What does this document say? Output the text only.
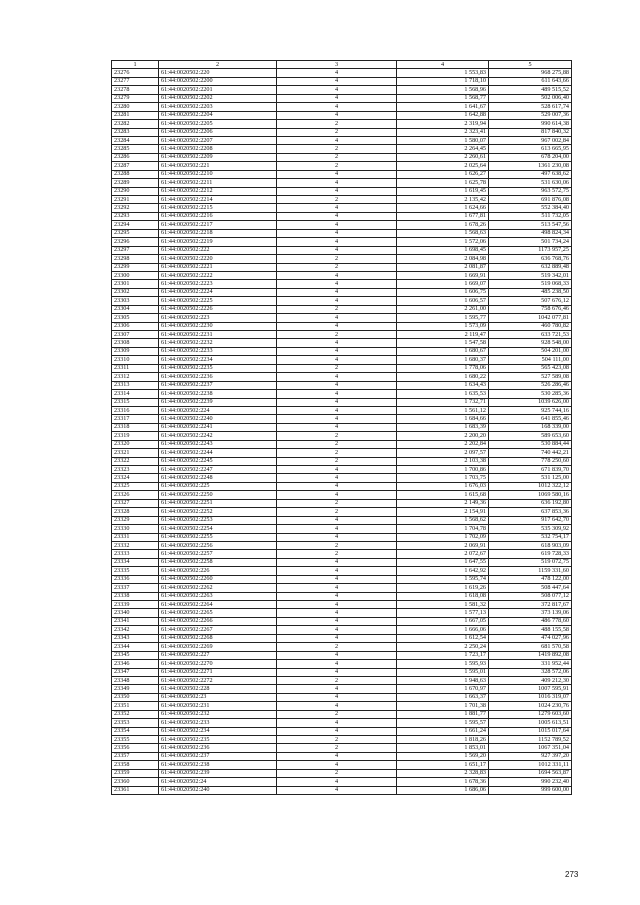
1	2	3	4	5
23276	61:44:0020502:220	4	1 553,83	968 275,88
23277	61:44:0020502:2200	4	1 718,10	611 643,66
23278	61:44:0020502:2201	4	1 568,96	489 515,52
23279	61:44:0020502:2202	4	1 568,77	502 006,40
23280	61:44:0020502:2203	4	1 641,67	528 617,74
23281	61:44:0020502:2204	4	1 642,88	529 007,36
23282	61:44:0020502:2205	2	2 319,94	990 614,38
23283	61:44:0020502:2206	2	2 323,41	817 840,32
23284	61:44:0020502:2207	4	1 580,07	967 002,84
23285	61:44:0020502:2208	2	2 264,45	613 665,95
23286	61:44:0020502:2209	2	2 260,61	678 204,00
23287	61:44:0020502:221	2	2 025,64	1361 230,08
23288	61:44:0020502:2210	4	1 626,27	497 638,62
23289	61:44:0020502:2211	4	1 625,78	531 630,06
23290	61:44:0020502:2212	4	1 619,45	963 572,75
23291	61:44:0020502:2214	2	2 135,42	691 876,08
23292	61:44:0020502:2215	4	1 624,66	552 384,40
23293	61:44:0020502:2216	4	1 677,81	511 732,05
23294	61:44:0020502:2217	4	1 678,26	513 547,56
23295	61:44:0020502:2218	4	1 568,63	498 824,34
23296	61:44:0020502:2219	4	1 572,06	501 734,24
23297	61:44:0020502:222	4	1 698,45	1173 957,25
23298	61:44:0020502:2220	2	2 084,98	636 768,76
23299	61:44:0020502:2221	2	2 081,87	632 889,48
23300	61:44:0020502:2222	4	1 669,91	519 342,01
23301	61:44:0020502:2223	4	1 669,07	519 068,33
23302	61:44:0020502:2224	4	1 606,75	485 238,50
23303	61:44:0020502:2225	4	1 606,57	507 676,12
23304	61:44:0020502:2226	2	2 261,00	758 676,46
23305	61:44:0020502:223	4	1 595,77	1042 077,81
23306	61:44:0020502:2230	4	1 573,09	460 780,82
23307	61:44:0020502:2231	2	2 119,47	633 721,53
23308	61:44:0020502:2232	4	1 547,58	928 548,00
23309	61:44:0020502:2233	4	1 680,67	504 201,00
23310	61:44:0020502:2234	4	1 680,37	504 111,00
23311	61:44:0020502:2235	2	1 778,06	565 423,08
23312	61:44:0020502:2236	4	1 680,22	527 589,08
23313	61:44:0020502:2237	4	1 634,43	526 286,46
23314	61:44:0020502:2238	4	1 635,53	530 285,36
23315	61:44:0020502:2239	4	1 732,71	1039 626,00
23316	61:44:0020502:224	4	1 561,12	925 744,16
23317	61:44:0020502:2240	4	1 684,66	641 855,46
23318	61:44:0020502:2241	4	1 683,39	168 339,00
23319	61:44:0020502:2242	2	2 200,20	589 653,60
23320	61:44:0020502:2243	2	2 202,84	530 884,44
23321	61:44:0020502:2244	2	2 097,57	740 442,21
23322	61:44:0020502:2245	2	2 103,38	778 250,60
23323	61:44:0020502:2247	4	1 700,86	671 839,70
23324	61:44:0020502:2248	4	1 703,75	531 125,00
23325	61:44:0020502:225	4	1 676,03	1012 322,12
23326	61:44:0020502:2250	4	1 615,68	1069 580,16
23327	61:44:0020502:2251	2	2 149,36	636 192,80
23328	61:44:0020502:2252	2	2 154,91	637 853,36
23329	61:44:0020502:2253	4	1 568,62	917 642,70
23330	61:44:0020502:2254	4	1 704,78	535 309,92
23331	61:44:0020502:2255	4	1 702,09	532 754,17
23332	61:44:0020502:2256	2	2 069,91	618 903,09
23333	61:44:0020502:2257	2	2 072,67	619 728,33
23334	61:44:0020502:2258	4	1 647,55	519 072,75
23335	61:44:0020502:226	4	1 642,92	1159 331,60
23336	61:44:0020502:2260	4	1 595,74	478 122,00
23337	61:44:0020502:2262	4	1 619,26	508 447,64
23338	61:44:0020502:2263	4	1 618,08	508 077,12
23339	61:44:0020502:2264	4	1 581,32	372 817,67
23340	61:44:0020502:2265	4	1 577,13	373 139,06
23341	61:44:0020502:2266	4	1 667,05	486 778,60
23342	61:44:0020502:2267	4	1 666,06	488 155,58
23343	61:44:0020502:2268	4	1 612,54	474 027,96
23344	61:44:0020502:2269	2	2 250,24	681 570,58
23345	61:44:0020502:227	4	1 723,17	1419 892,08
23346	61:44:0020502:2270	4	1 595,93	331 952,44
23347	61:44:0020502:2271	4	1 595,01	328 572,06
23348	61:44:0020502:2272	2	1 948,63	409 212,30
23349	61:44:0020502:228	4	1 670,97	1007 595,91
23350	61:44:0020502:23	4	1 663,37	1016 319,07
23351	61:44:0020502:231	4	1 701,38	1024 230,76
23352	61:44:0020502:232	2	1 881,77	1279 603,60
23353	61:44:0020502:233	4	1 595,57	1005 613,51
23354	61:44:0020502:234	4	1 661,24	1015 017,64
23355	61:44:0020502:235	2	1 818,26	1152 789,52
23356	61:44:0020502:236	2	1 853,01	1067 351,04
23357	61:44:0020502:237	4	1 569,20	927 397,20
23358	61:44:0020502:238	4	1 651,17	1012 331,11
23359	61:44:0020502:239	2	2 328,83	1694 563,87
23360	61:44:0020502:24	4	1 678,36	990 232,40
23361	61:44:0020502:240	4	1 686,06	999 600,00
273
